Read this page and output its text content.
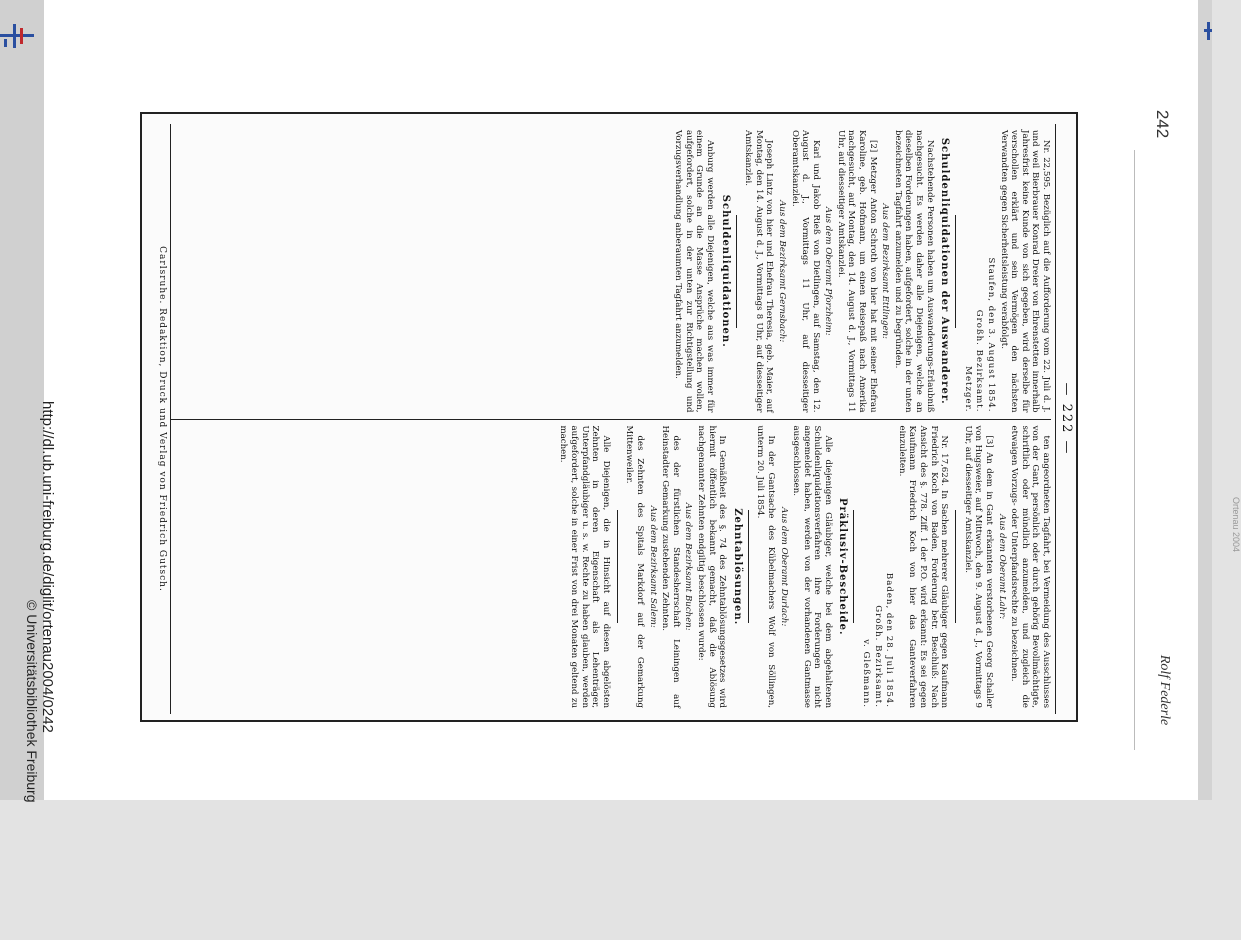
242
Rolf Federle
— 222 —

Nr. 22,595. Bezüglich auf die Aufforderung vom 22. Juli d. J. und weil Bierbrauer Konrad Dreier von Ehrenstetten innerhalb Jahresfrist keine Kunde von sich gegeben, wird derselbe für verschollen erklärt und sein Vermögen den nächsten Verwandten gegen Sicherheitsleistung verabfolgt.

Staufen, den 3. August 1854.
Großh. Bezirksamt.
Metzger.
Schuldenliquidationen der Auswanderer.

Nachstehende Personen haben um Auswanderungs-Erlaubniß nachgesucht. Es werden daher alle Diejenigen, welche an dieselben Forderungen haben, aufgefordert, solche in der unten bezeichneten Tagfahrt anzumelden und zu begründen.

Aus dem Bezirksamt Ettlingen:

[2] Metzger Anton Schroth von hier hat mit seiner Ehefrau Karoline, geb. Hofmann, um einen Reisepaß nach Amerika nachgesucht, auf Montag, den 14. August d. J., Vormittags 11 Uhr, auf diesseitiger Amtskanzlei.

Aus dem Oberamt Pforzheim:

Karl und Jakob Rieß von Dietlingen, auf Samstag, den 12. August d. J., Vormittags 11 Uhr, auf diesseitiger Oberamtskanzlei.

Aus dem Bezirksamt Gernsbach:

Joseph Lintz von hier und Ehefrau Theresia, geb. Maier, auf Montag, den 14. August d. J., Vormittags 8 Uhr, auf diesseitiger Amtskanzlei.

Schuldenliquidationen.

Anburg werden alle Diejenigen, welche aus was immer für einem Grunde an die Masse Ansprüche machen wollen, aufgefordert, solche in der unten zur Richtigstellung und Vorzugsverhandlung anberaumten Tagfahrt anzumelden.

ten angeordneten Tagfahrt, bei Vermeidung des Ausschlusses von der Gant, persönlich oder durch gehörig Bevollmächtigte, schriftlich oder mündlich anzumelden, und zugleich die etwaigen Vorzugs- oder Unterpfandsrechte zu bezeichnen.

Aus dem Oberamt Lahr:

[3] An dem in Gant erkannten verstorbenen Georg Schaller von Hugsweier, auf Mittwoch, den 9. August d. J., Vormittags 9 Uhr, auf diesseitiger Amtskanzlei.

Nr. 17,624. In Sachen mehrerer Gläubiger gegen Kaufmann Friedrich Koch von Baden, Forderung betr. Beschluß: Nach Ansicht des §. 778. Ziff. 1 der P.O. wird erkannt: Es sei gegen Kaufmann Friedrich Koch von hier das Ganteverfahren einzuleiten.

Baden, den 28. Juli 1854.
Großh. Bezirksamt.
v. Gleßmann.
Präklusiv-Bescheide.

Alle diejenigen Gläubiger, welche bei dem abgehaltenen Schuldenliquidationsverfahren ihre Forderungen nicht angemeldet haben, werden von der vorhandenen Gantmasse ausgeschlossen.

Aus dem Oberamt Durlach:

In der Gantsache des Kübelmachers Wolf von Söllingen, unterm 20. Juli 1854.

Zehntablösungen.

In Gemäßheit des §. 74 des Zehntablösungsgesetzes wird hiermit öffentlich bekannt gemacht, daß die Ablösung nachgenannter Zehnten endgiltig beschlossen wurde:

Aus dem Bezirksamt Buchen:

des der fürstlichen Standesherrschaft Leiningen auf Heinstadter Gemarkung zustehenden Zehnten.

Aus dem Bezirksamt Salem:

des Zehnten des Spitals Markdorf auf der Gemarkung Mittenweiler.

Alle Diejenigen, die in Hinsicht auf diesen abgelösten Zehnten in deren Eigenschaft als Lehenträger, Unterpfandgläubiger u. s. w. Rechte zu haben glauben, werden aufgefordert, solche in einer Frist von drei Monaten geltend zu machen.

Carlsruhe. Redaktion, Druck und Verlag von Friedrich Gutsch.	Ortenau 2004
http://dl.ub.uni-freiburg.de/diglit/ortenau2004/0242
© Universitätsbibliothek Freiburg
